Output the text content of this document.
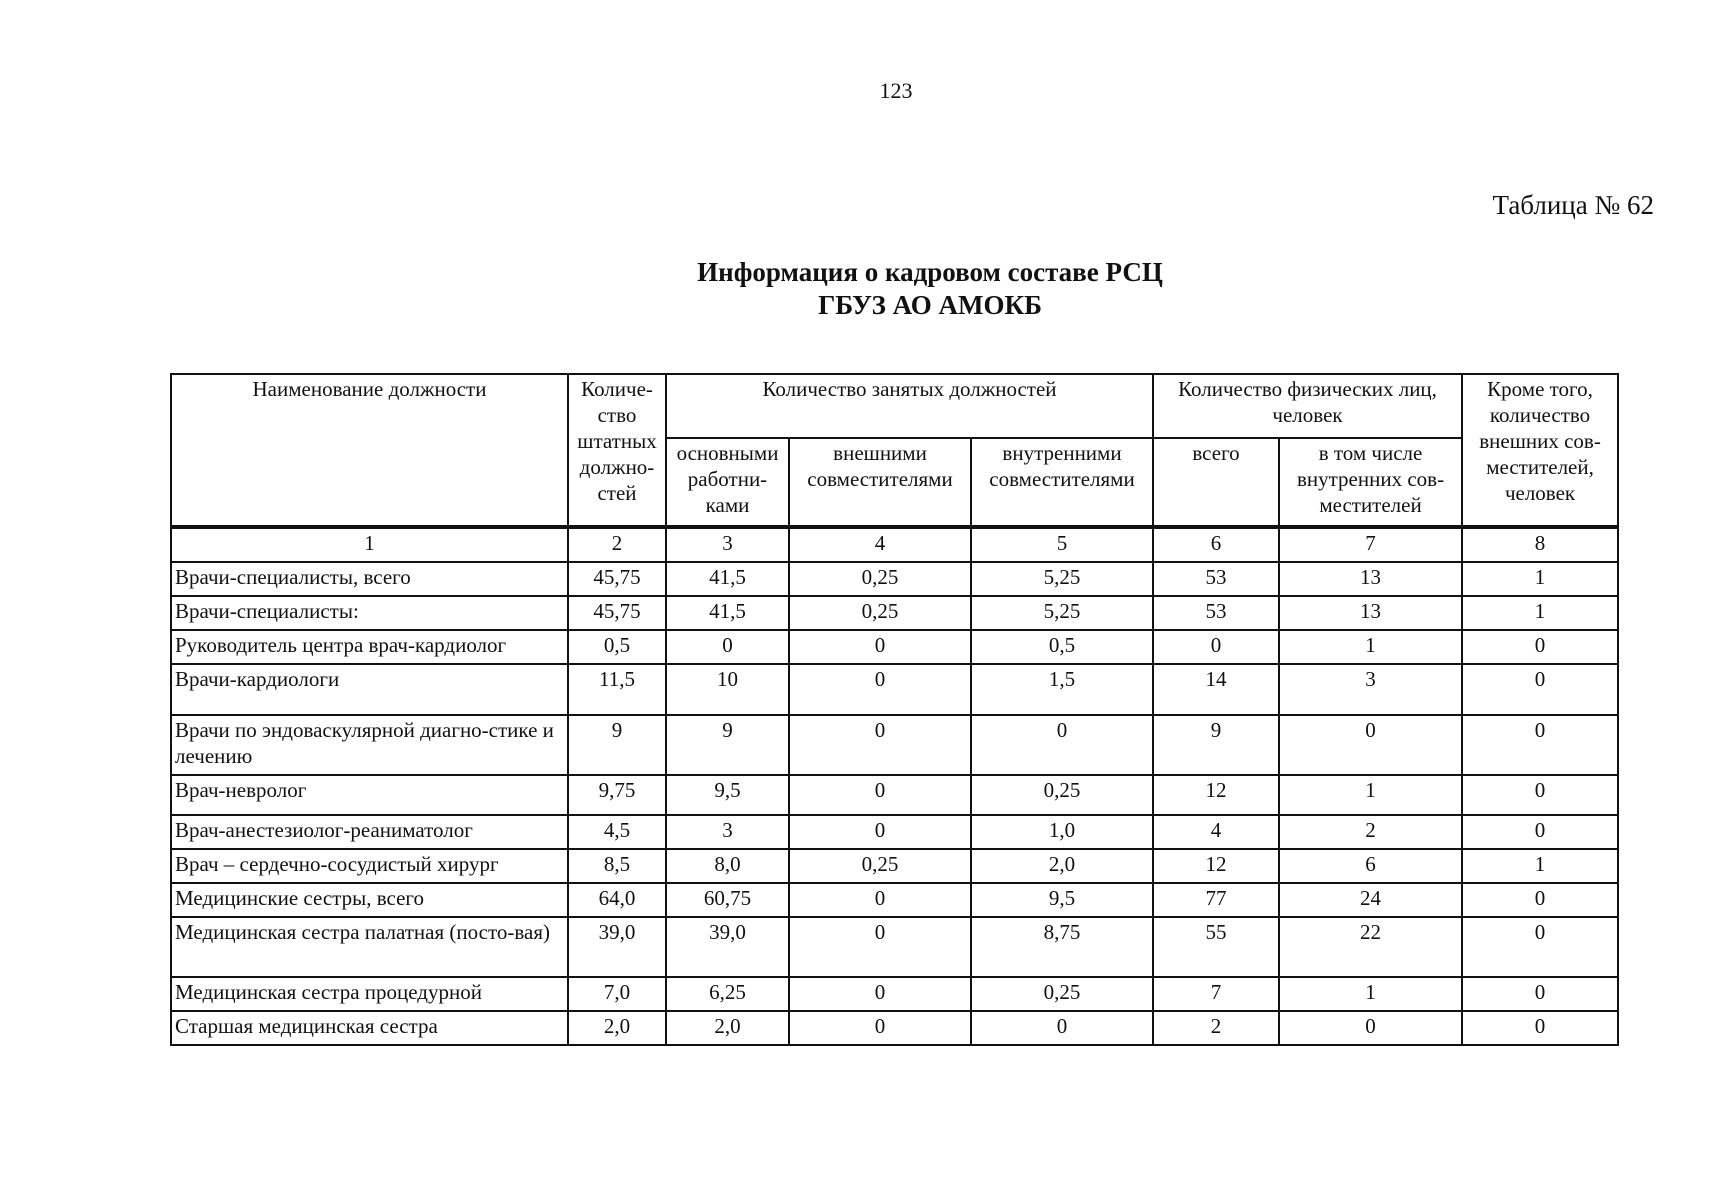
123
Таблица № 62
Информация о кадровом составе РСЦ
ГБУЗ АО АМОКБ
Наименование должности	Количе-ство штатных должно-стей	Количество занятых должностей			Количество физических лиц, человек		Кроме того, количество внешних сов-местителей, человек
		основными работни-ками	внешними совместителями	внутренними совместителями	всего	в том числе внутренних сов-местителей	
1	2	3	4	5	6	7	8
Врачи-специалисты, всего	45,75	41,5	0,25	5,25	53	13	1
Врачи-специалисты:	45,75	41,5	0,25	5,25	53	13	1
Руководитель центра врач-кардиолог	0,5	0	0	0,5	0	1	0
Врачи-кардиологи	11,5	10	0	1,5	14	3	0
Врачи по эндоваскулярной диагно-стике и лечению	9	9	0	0	9	0	0
Врач-невролог	9,75	9,5	0	0,25	12	1	0
Врач-анестезиолог-реаниматолог	4,5	3	0	1,0	4	2	0
Врач – сердечно-сосудистый хирург	8,5	8,0	0,25	2,0	12	6	1
Медицинские сестры, всего	64,0	60,75	0	9,5	77	24	0
Медицинская сестра палатная (посто-вая)	39,0	39,0	0	8,75	55	22	0
Медицинская сестра процедурной	7,0	6,25	0	0,25	7	1	0
Старшая медицинская сестра	2,0	2,0	0	0	2	0	0
